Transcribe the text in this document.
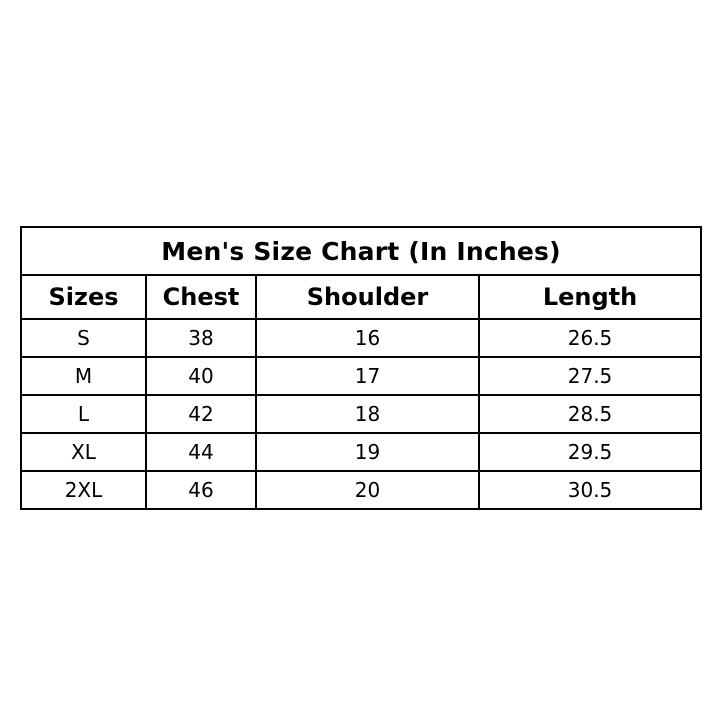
Men's Size Chart (In Inches)			
Sizes	Chest	Shoulder	Length
S	38	16	26.5
M	40	17	27.5
L	42	18	28.5
XL	44	19	29.5
2XL	46	20	30.5
